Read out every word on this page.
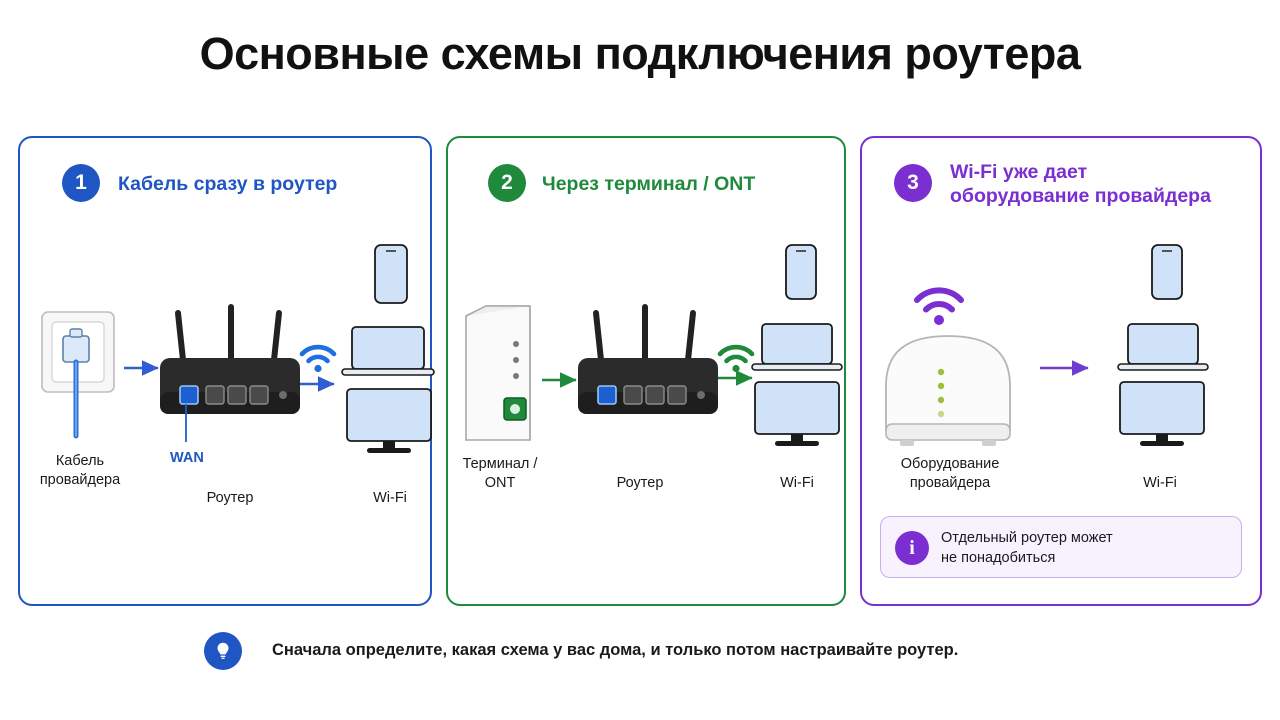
Основные схемы подключения роутера
1	Кабель сразу в роутер
Кабель
провайдера
WAN
Роутер	Wi-Fi
2	Через терминал / ONT
Терминал /
ONT	Роутер	Wi-Fi
3	Wi-Fi уже дает
оборудование провайдера
Оборудование
провайдера	Wi-Fi
i	Отдельный роутер может
не понадобиться
Сначала определите, какая схема у вас дома, и только потом настраивайте роутер.
